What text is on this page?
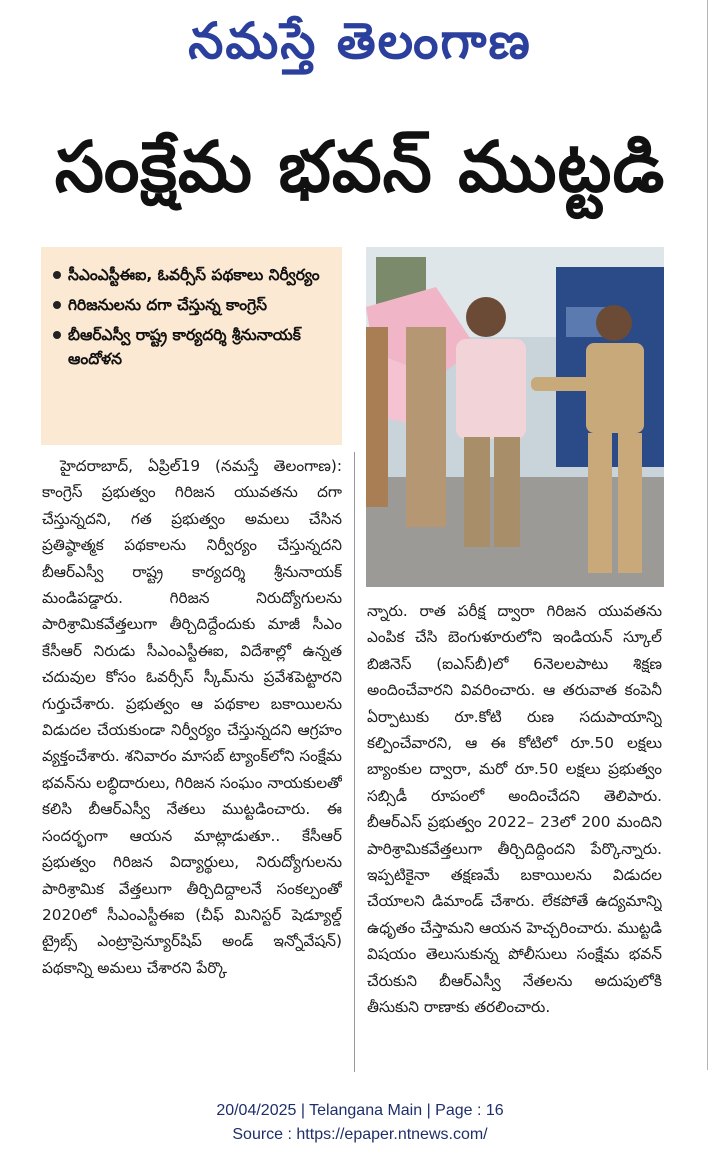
నమస్తే తెలంగాణ
సంక్షేమ భవన్ ముట్టడి
సీఎంఎస్టీఈఐ, ఓవర్సీస్ పథకాలు నిర్వీర్యం
గిరిజనులను దగా చేస్తున్న కాంగ్రెస్
బీఆర్ఎస్వీ రాష్ట్ర కార్యదర్శి శ్రీనునాయక్ ఆందోళన
హైదరాబాద్, ఏప్రిల్19 (నమస్తే తెలంగాణ): కాంగ్రెస్ ప్రభుత్వం గిరిజన యువతను దగా చేస్తున్నదని, గత ప్రభుత్వం అమలు చేసిన ప్రతిష్ఠాత్మక పథకాలను నిర్వీర్యం చేస్తున్నదని బీఆర్ఎస్వీ రాష్ట్ర కార్యదర్శి శ్రీనునాయక్ మండిపడ్డారు. గిరిజన నిరుద్యోగులను పారిశ్రామికవేత్తలుగా తీర్చిదిద్దేందుకు మాజీ సీఎం కేసీఆర్ నిరుడు సీఎంఎస్టీఈఐ, విదేశాల్లో ఉన్నత చదువుల కోసం ఓవర్సీస్ స్కీమ్‌ను ప్రవేశపెట్టారని గుర్తుచేశారు. ప్రభుత్వం ఆ పథకాల బకాయిలను విడుదల చేయకుండా నిర్వీర్యం చేస్తున్నదని ఆగ్రహం వ్యక్తంచేశారు. శనివారం మాసబ్ ట్యాంక్‌లోని సంక్షేమ భవన్‌ను లబ్ధిదారులు, గిరిజన సంఘం నాయకులతో కలిసి బీఆర్ఎస్వీ నేతలు ముట్టడించారు. ఈ సందర్భంగా ఆయన మాట్లాడుతూ.. కేసీఆర్ ప్రభుత్వం గిరిజన విద్యార్థులు, నిరుద్యోగులను పారిశ్రామిక వేత్తలుగా తీర్చిదిద్దాలనే సంకల్పంతో 2020లో సీఎంఎస్టీఈఐ (చీఫ్ మినిస్టర్ షెడ్యూల్డ్ ట్రైబ్స్ ఎంట్రాప్రెన్యూర్‌షిప్ అండ్ ఇన్నోవేషన్) పథకాన్ని అమలు చేశారని పేర్కొ
న్నారు. రాత పరీక్ష ద్వారా గిరిజన యువతను ఎంపిక చేసి బెంగుళూరులోని ఇండియన్ స్కూల్ బిజినెస్ (ఐఎస్‌బీ)లో 6నెలలపాటు శిక్షణ అందించేవారని వివరించారు. ఆ తరువాత కంపెనీ ఏర్పాటుకు రూ.కోటి రుణ సదుపాయాన్ని కల్పించేవారని, ఆ ఈ కోటిలో రూ.50 లక్షలు బ్యాంకుల ద్వారా, మరో రూ.50 లక్షలు ప్రభుత్వం సబ్సిడీ రూపంలో అందించేదని తెలిపారు. బీఆర్ఎస్ ప్రభుత్వం 2022– 23లో 200 మందిని పారిశ్రామికవేత్తలుగా తీర్చిదిద్దిందని పేర్కొన్నారు. ఇప్పటికైనా తక్షణమే బకాయిలను విడుదల చేయాలని డిమాండ్ చేశారు. లేకపోతే ఉద్యమాన్ని ఉధృతం చేస్తామని ఆయన హెచ్చరించారు. ముట్టడి విషయం తెలుసుకున్న పోలీసులు సంక్షేమ భవన్ చేరుకుని బీఆర్ఎస్వీ నేతలను అదుపులోకి తీసుకుని రాణాకు తరలించారు.
20/04/2025 | Telangana Main | Page : 16
Source : https://epaper.ntnews.com/
